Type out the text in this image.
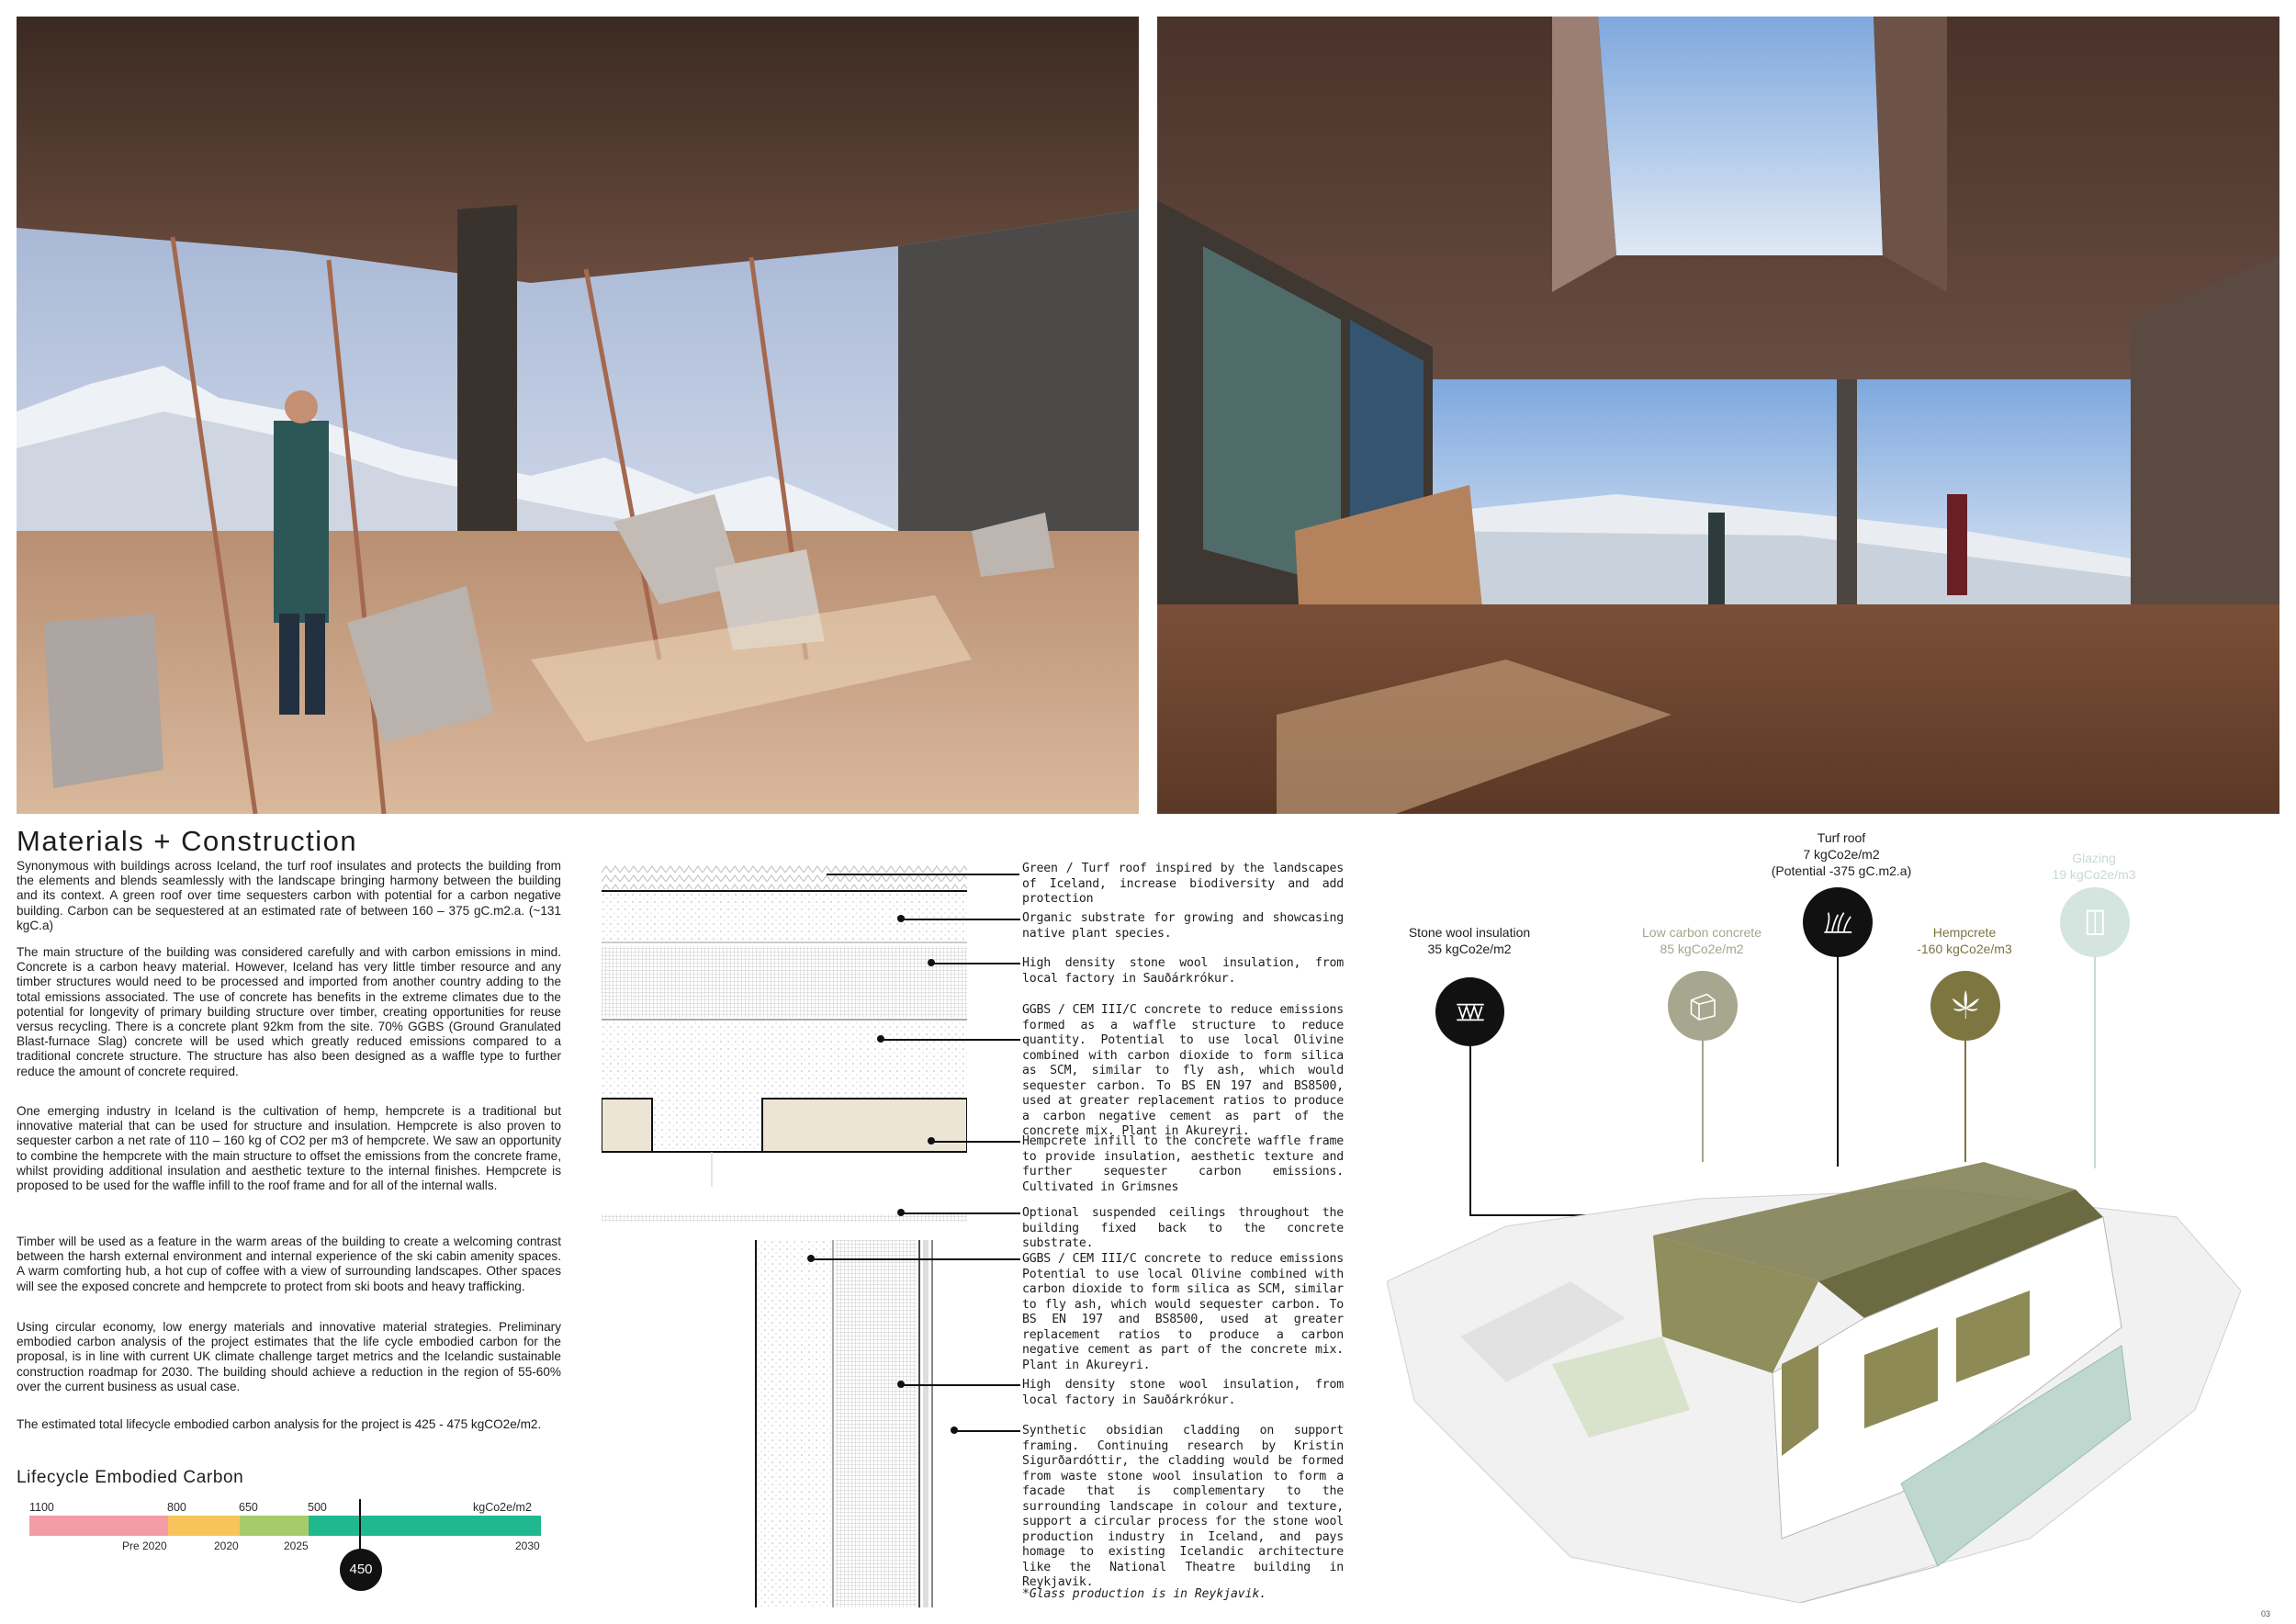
Materials + Construction

Synonymous with buildings across Iceland, the turf roof insulates and protects the building from the elements and blends seamlessly with the landscape bringing harmony between the building and its context. A green roof over time sequesters carbon with potential for a carbon negative building. Carbon can be sequestered at an estimated rate of between 160 – 375 gC.m2.a. (~131 kgC.a)

The main structure of the building was considered carefully and with carbon emissions in mind. Concrete is a carbon heavy material. However, Iceland has very little timber resource and any timber structures would need to be processed and imported from another country adding to the total emissions associated. The use of concrete has benefits in the extreme climates due to the potential for longevity of primary building structure over timber, creating opportunities for reuse versus recycling. There is a concrete plant 92km from the site. 70% GGBS (Ground Granulated Blast-furnace Slag) concrete will be used which greatly reduced emissions compared to a traditional concrete structure. The structure has also been designed as a waffle type to further reduce the amount of concrete required.

One emerging industry in Iceland is the cultivation of hemp, hempcrete is a traditional but innovative material that can be used for structure and insulation. Hempcrete is also proven to sequester carbon a net rate of 110 – 160 kg of CO2 per m3 of hempcrete. We saw an opportunity to combine the hempcrete with the main structure to offset the emissions from the concrete frame, whilst providing additional insulation and aesthetic texture to the internal finishes. Hempcrete is proposed to be used for the waffle infill to the roof frame and for all of the internal walls.

Timber will be used as a feature in the warm areas of the building to create a welcoming contrast between the harsh external environment and internal experience of the ski cabin amenity spaces. A warm comforting hub, a hot cup of coffee with a view of surrounding landscapes. Other spaces will see the exposed concrete and hempcrete to protect from ski boots and heavy trafficking.

Using circular economy, low energy materials and innovative material strategies. Preliminary embodied carbon analysis of the project estimates that the life cycle embodied carbon for the proposal, is in line with current UK climate challenge target metrics and the Icelandic sustainable construction roadmap for 2030. The building should achieve a reduction in the region of 55-60% over the current business as usual case.

The estimated total lifecycle embodied carbon analysis for the project is 425 - 475 kgCO2e/m2.

Lifecycle Embodied Carbon
1100	800	650	500	kgCo2e/m2
Pre 2020	2020	2025	2030
450

Green / Turf roof inspired by the landscapes of Iceland, increase biodiversity and add protection

Organic substrate for growing and showcasing native plant species.

High density stone wool insulation, from local factory in Sauðárkrókur.

GGBS / CEM III/C concrete to reduce emissions formed as a waffle structure to reduce quantity. Potential to use local Olivine combined with carbon dioxide to form silica as SCM, similar to fly ash, which would sequester carbon. To BS EN 197 and BS8500, used at greater replacement ratios to produce a carbon negative cement as part of the concrete mix. Plant in Akureyri.

Hempcrete infill to the concrete waffle frame to provide insulation, aesthetic texture and further sequester carbon emissions. Cultivated in Grimsnes

Optional suspended ceilings throughout the building fixed back to the concrete substrate.

GGBS / CEM III/C concrete to reduce emissions Potential to use local Olivine combined with carbon dioxide to form silica as SCM, similar to fly ash, which would sequester carbon. To BS EN 197 and BS8500, used at greater replacement ratios to produce a carbon negative cement as part of the concrete mix. Plant in Akureyri.

High density stone wool insulation, from local factory in Sauðárkrókur.

Synthetic obsidian cladding on support framing. Continuing research by Kristin Sigurðardóttir, the cladding would be formed from waste stone wool insulation to form a facade that is complementary to the surrounding landscape in colour and texture, support a circular process for the stone wool production industry in Iceland, and pays homage to existing Icelandic architecture like the National Theatre building in Reykjavik.

*Glass production is in Reykjavik.

Stone wool insulation
35 kgCo2e/m2
Low carbon concrete
85 kgCo2e/m2
Turf roof
7 kgCo2e/m2
(Potential -375 gC.m2.a)
Hempcrete
-160 kgCo2e/m3
Glazing
19 kgCo2e/m3
03
